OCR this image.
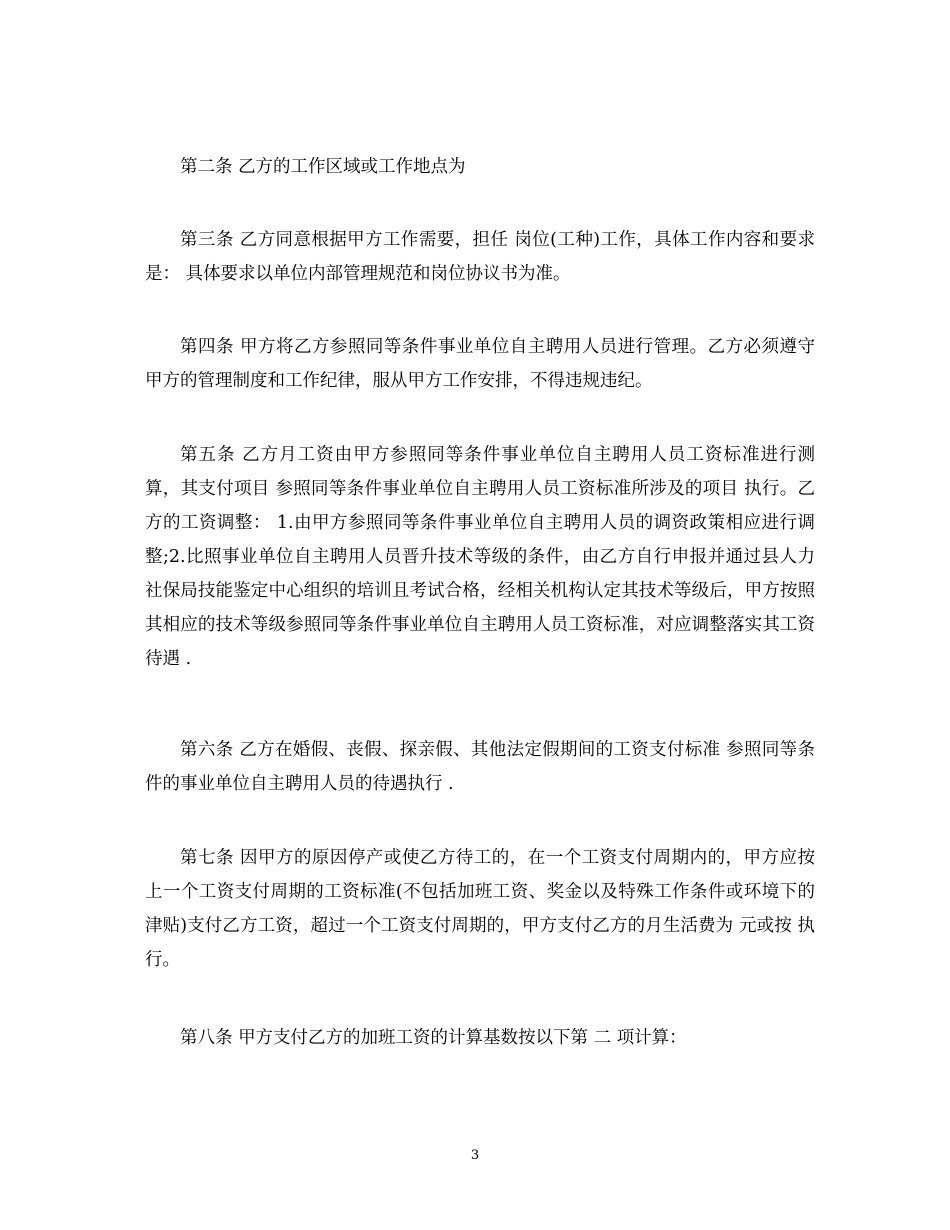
第二条 乙方的工作区域或工作地点为

第三条 乙方同意根据甲方工作需要，担任 岗位(工种)工作，具体工作内容和要求是： 具体要求以单位内部管理规范和岗位协议书为准。

第四条 甲方将乙方参照同等条件事业单位自主聘用人员进行管理。乙方必须遵守甲方的管理制度和工作纪律，服从甲方工作安排，不得违规违纪。

第五条 乙方月工资由甲方参照同等条件事业单位自主聘用人员工资标准进行测算，其支付项目 参照同等条件事业单位自主聘用人员工资标准所涉及的项目 执行。乙方的工资调整： 1.由甲方参照同等条件事业单位自主聘用人员的调资政策相应进行调整;2.比照事业单位自主聘用人员晋升技术等级的条件，由乙方自行申报并通过县人力社保局技能鉴定中心组织的培训且考试合格，经相关机构认定其技术等级后，甲方按照其相应的技术等级参照同等条件事业单位自主聘用人员工资标准，对应调整落实其工资待遇 .

第六条 乙方在婚假、丧假、探亲假、其他法定假期间的工资支付标准 参照同等条件的事业单位自主聘用人员的待遇执行 .

第七条 因甲方的原因停产或使乙方待工的，在一个工资支付周期内的，甲方应按上一个工资支付周期的工资标准(不包括加班工资、奖金以及特殊工作条件或环境下的津贴)支付乙方工资，超过一个工资支付周期的，甲方支付乙方的月生活费为 元或按 执行。

第八条 甲方支付乙方的加班工资的计算基数按以下第 二 项计算：

3
